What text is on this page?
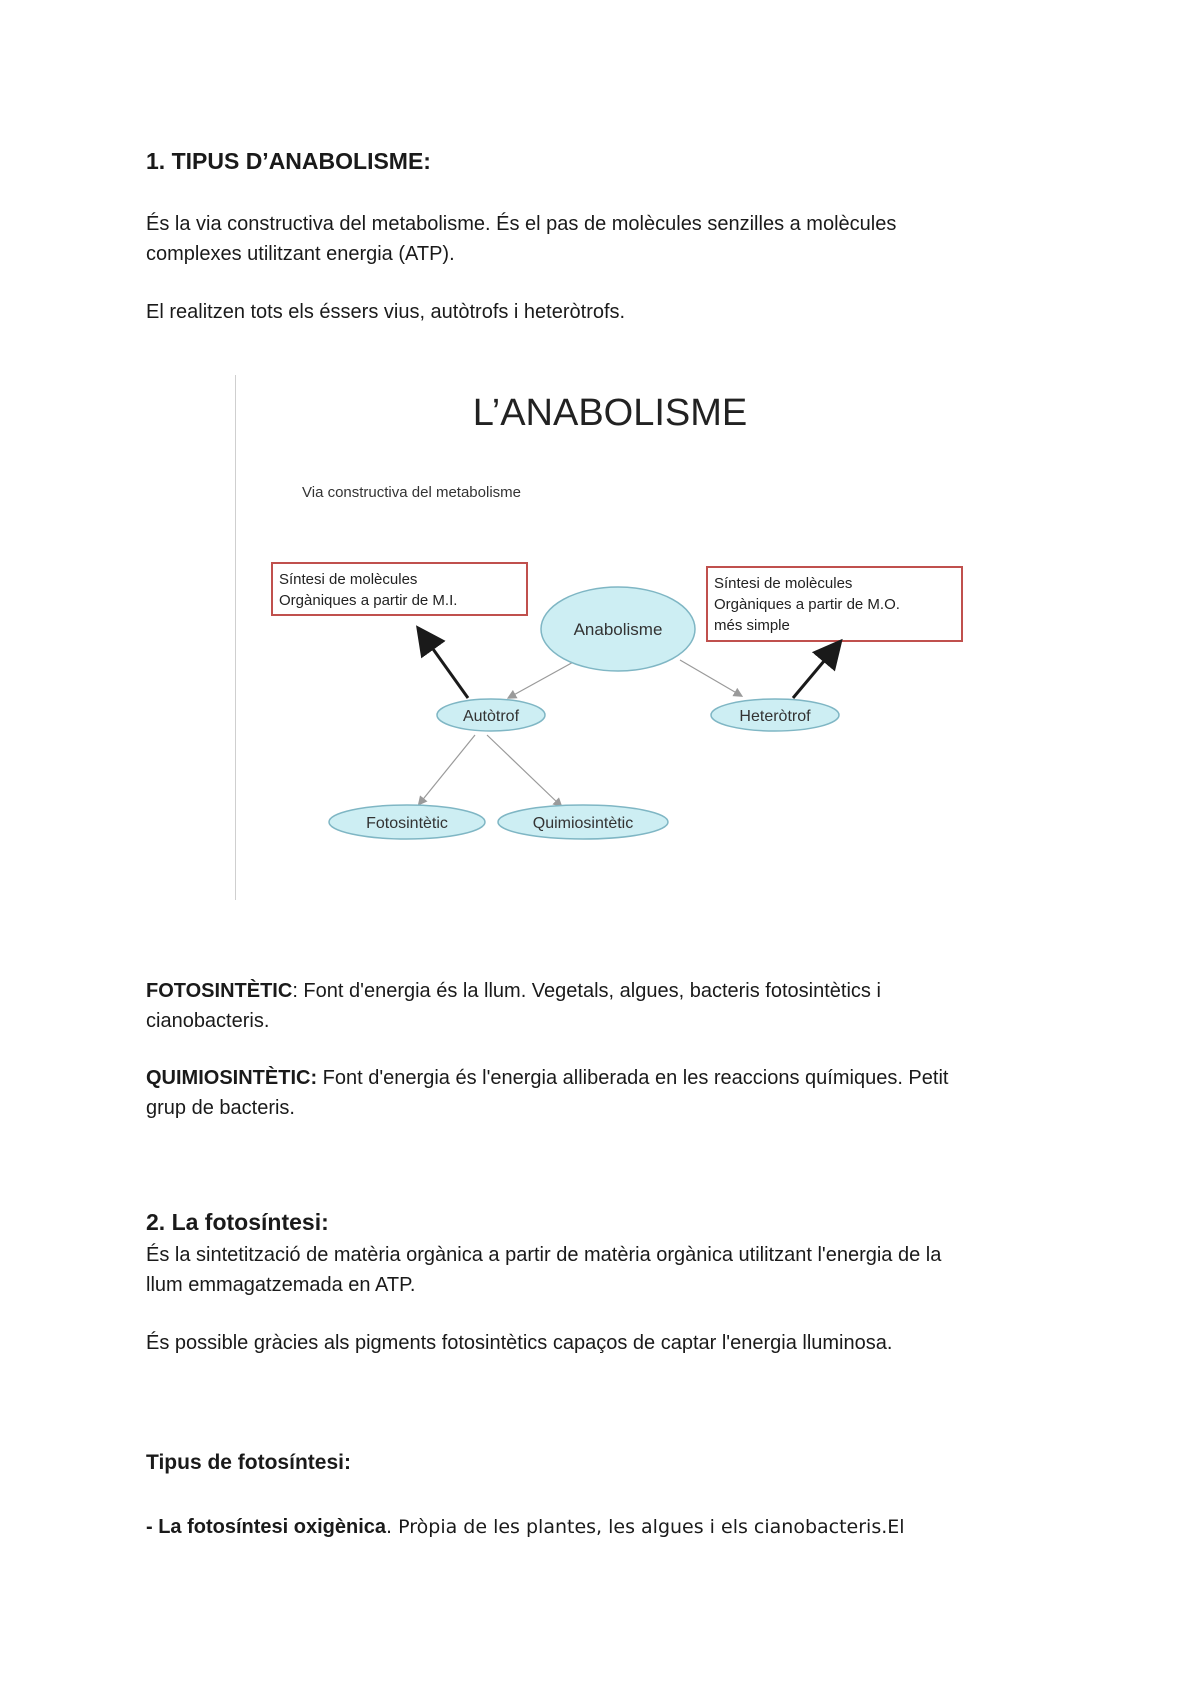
1. TIPUS D’ANABOLISME:
És la via constructiva del metabolisme. És el pas de molècules senzilles a molècules
complexes utilitzant energia (ATP).
El realitzen tots els éssers vius, autòtrofs i heteròtrofs.
FOTOSINTÈTIC: Font d'energia és la llum. Vegetals, algues, bacteris fotosintètics i
cianobacteris.
QUIMIOSINTÈTIC: Font d'energia és l'energia alliberada en les reaccions químiques. Petit
grup de bacteris.
2. La fotosíntesi:
És la sintetització de matèria orgànica a partir de matèria orgànica utilitzant l'energia de la
llum emmagatzemada en ATP.
És possible gràcies als pigments fotosintètics capaços de captar l'energia lluminosa.
Tipus de fotosíntesi:
- La fotosíntesi oxigènica. Pròpia de les plantes, les algues i els cianobacteris.El
L’ANABOLISME
Via constructiva del metabolisme
Síntesi de molècules
Orgàniques a partir de M.I.
Síntesi de molècules
Orgàniques a partir de M.O.
més simple
Anabolisme
Autòtrof	Heteròtrof
Fotosintètic	Quimiosintètic
